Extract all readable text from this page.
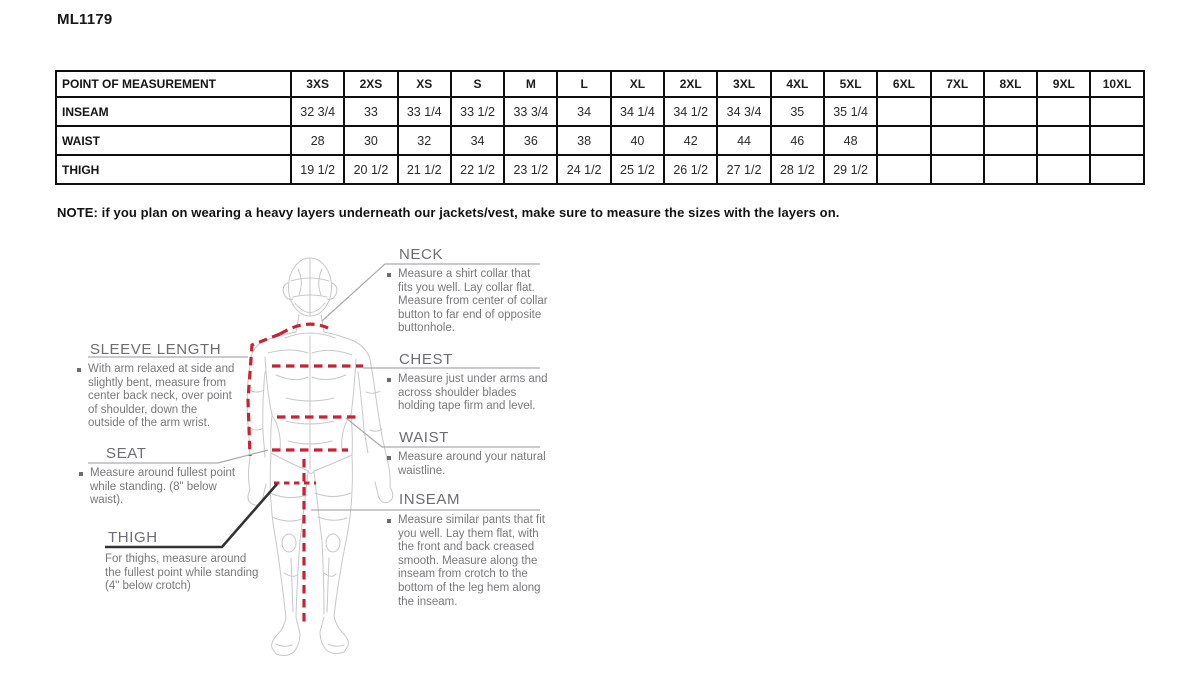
ML1179
POINT OF MEASUREMENT	3XS	2XS	XS	S	M	L	XL	2XL	3XL	4XL	5XL	6XL	7XL	8XL	9XL	10XL
INSEAM	32 3/4	33	33 1/4	33 1/2	33 3/4	34	34 1/4	34 1/2	34 3/4	35	35 1/4					
WAIST	28	30	32	34	36	38	40	42	44	46	48					
THIGH	19 1/2	20 1/2	21 1/2	22 1/2	23 1/2	24 1/2	25 1/2	26 1/2	27 1/2	28 1/2	29 1/2					
NOTE: if you plan on wearing a heavy layers underneath our jackets/vest, make sure to measure the sizes with the layers on.
NECK
Measure a shirt collar that fits you well. Lay collar flat. Measure from center of collar button to far end of opposite buttonhole.
CHEST
Measure just under arms and across shoulder blades holding tape firm and level.
WAIST
Measure around your natural waistline.
INSEAM
Measure similar pants that fit you well. Lay them flat, with the front and back creased smooth. Measure along the inseam from crotch to the bottom of the leg hem along the inseam.
SLEEVE LENGTH
With arm relaxed at side and slightly bent, measure from center back neck, over point of shoulder, down the outside of the arm wrist.
SEAT
Measure around fullest point while standing. (8" below waist).
THIGH
For thighs, measure around the fullest point while standing (4" below crotch)
